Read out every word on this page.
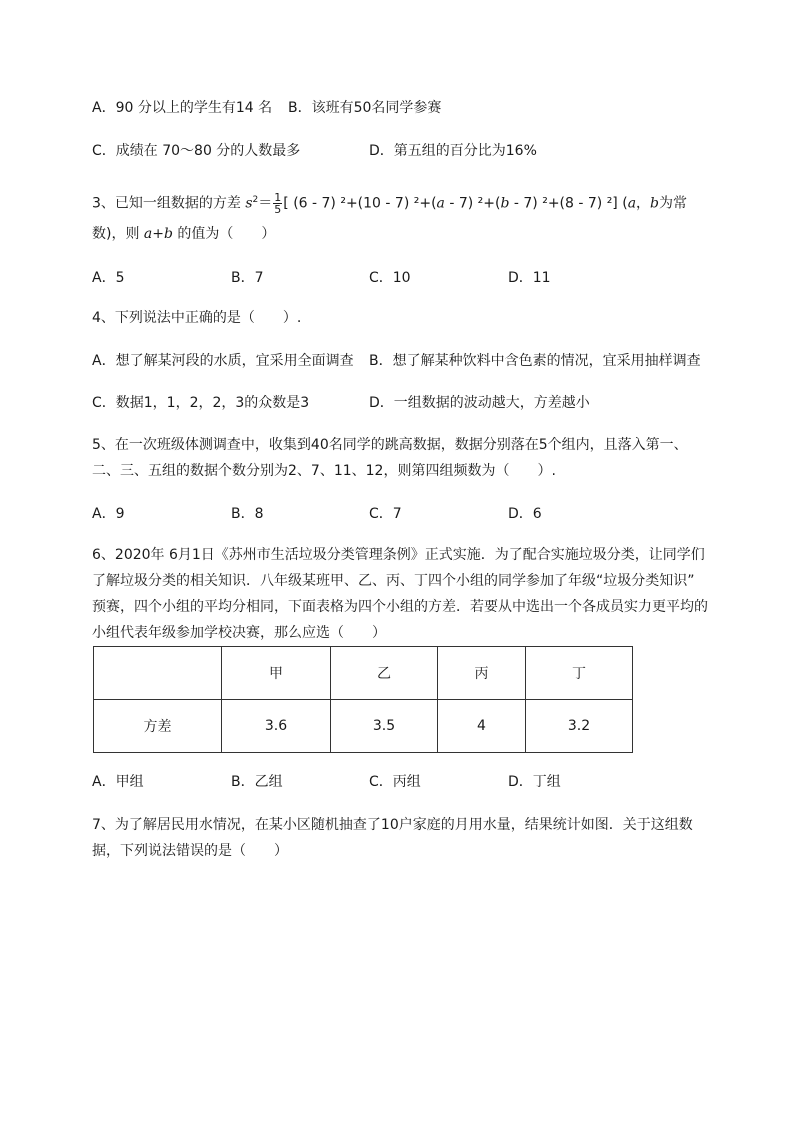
A．90 分以上的学生有14 名 B．该班有50名同学参赛
C．成绩在 70～80 分的人数最多	D．第五组的百分比为16%
3、已知一组数据的方差 $s^2= \frac{1}{5}$ [ (6 - 7) ²+(10 - 7) ²+(a - 7) ²+(b - 7) ²+(8 - 7) ²] (a，b为常
数)，则 a+b 的值为（　　）
A．5	B．7	C．10	D．11
4、下列说法中正确的是（　　）.
A．想了解某河段的水质，宜采用全面调查 B．想了解某种饮料中含色素的情况，宜采用抽样调查
C．数据1，1，2，2，3的众数是3	D．一组数据的波动越大，方差越小
5、在一次班级体测调查中，收集到40名同学的跳高数据，数据分别落在5个组内，且落入第一、
二、三、五组的数据个数分别为2、7、11、12，则第四组频数为（　　）.
A．9	B．8	C．7	D．6
6、2020年 6月1日《苏州市生活垃圾分类管理条例》正式实施．为了配合实施垃圾分类，让同学们
了解垃圾分类的相关知识．八年级某班甲、乙、丙、丁四个小组的同学参加了年级“垃圾分类知识”
预赛，四个小组的平均分相同，下面表格为四个小组的方差．若要从中选出一个各成员实力更平均的
小组代表年级参加学校决赛，那么应选（　　）
	甲	乙	丙	丁
方差	3.6	3.5	4	3.2
A．甲组	B．乙组	C．丙组	D．丁组
7、为了解居民用水情况，在某小区随机抽查了10户家庭的月用水量，结果统计如图．关于这组数
据，下列说法错误的是（　　）
